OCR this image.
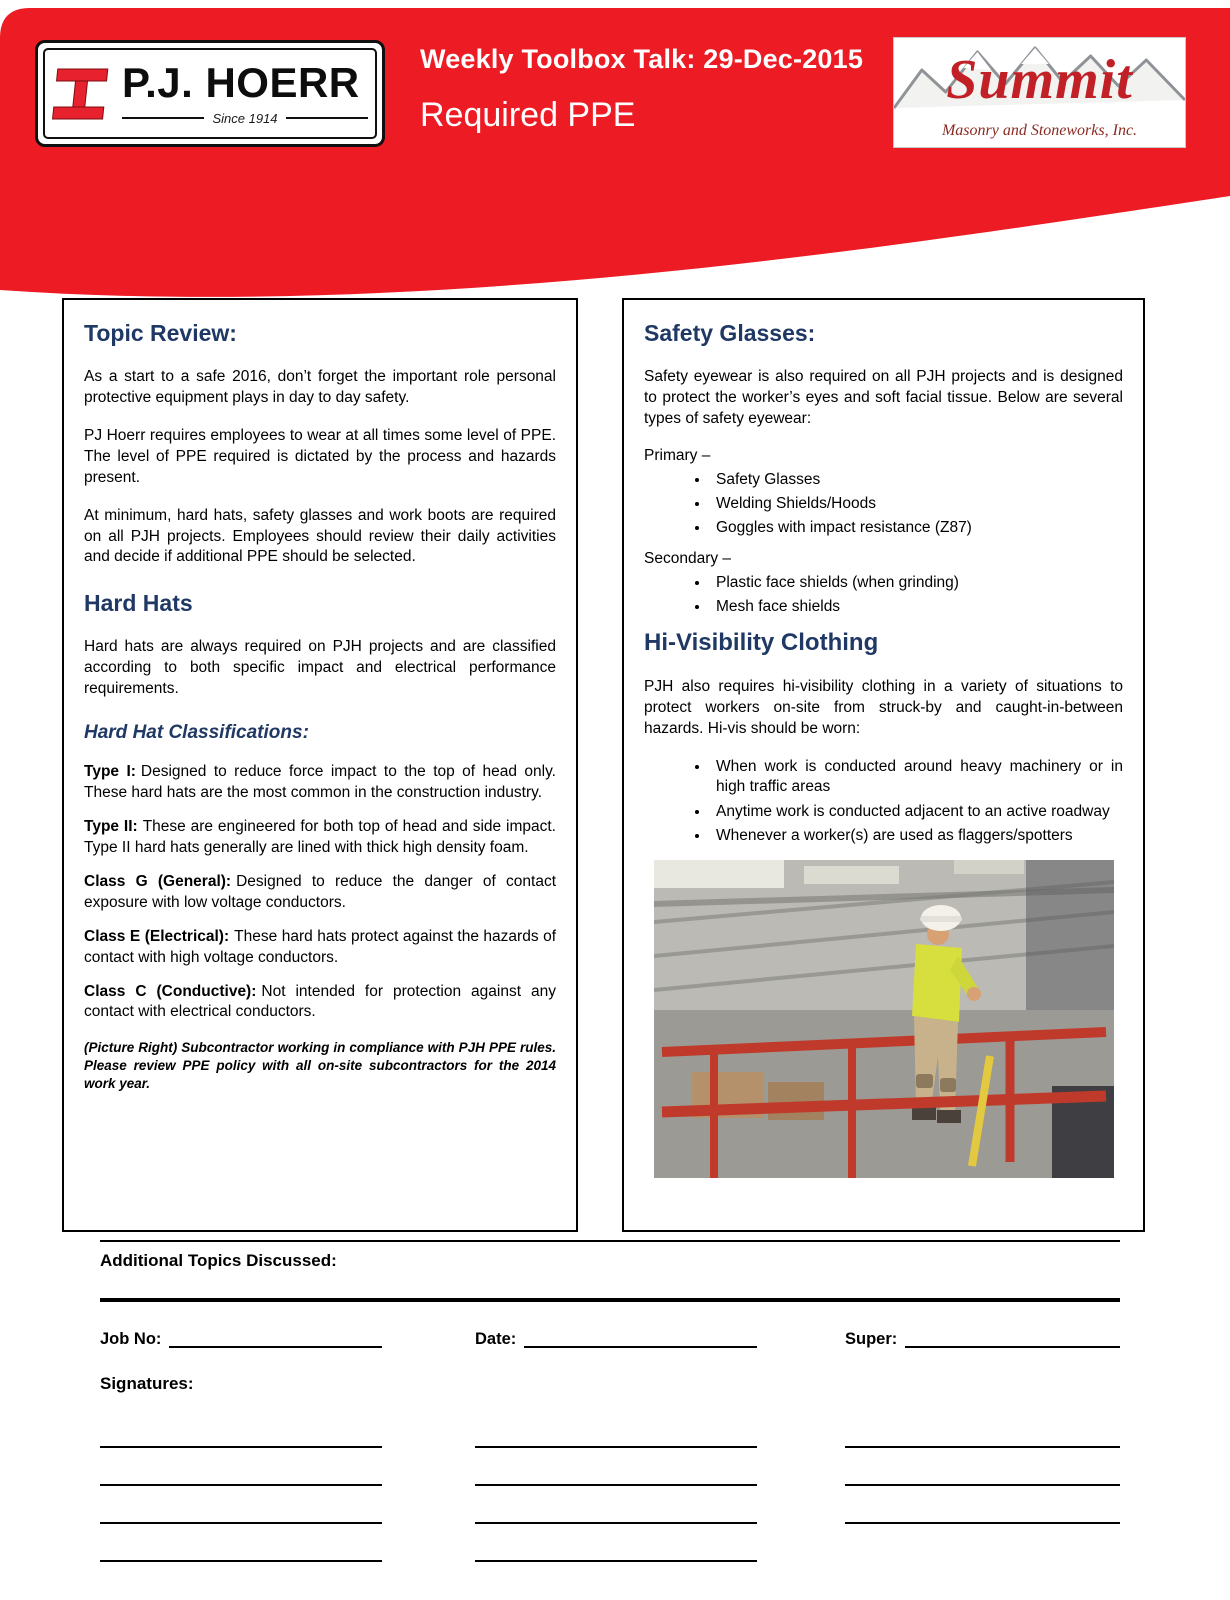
P.J. HOERR
Since 1914
Weekly Toolbox Talk: 29-Dec-2015
Required PPE
Summit
Masonry and Stoneworks, Inc.
Topic Review:

As a start to a safe 2016, don’t forget the important role personal protective equipment plays in day to day safety.

PJ Hoerr requires employees to wear at all times some level of PPE. The level of PPE required is dictated by the process and hazards present.

At minimum, hard hats, safety glasses and work boots are required on all PJH projects. Employees should review their daily activities and decide if additional PPE should be selected.

Hard Hats

Hard hats are always required on PJH projects and are classified according to both specific impact and electrical performance requirements.

Hard Hat Classifications:

Type I: Designed to reduce force impact to the top of head only. These hard hats are the most common in the construction industry.

Type II: These are engineered for both top of head and side impact. Type II hard hats generally are lined with thick high density foam.

Class G (General): Designed to reduce the danger of contact exposure with low voltage conductors.

Class E (Electrical): These hard hats protect against the hazards of contact with high voltage conductors.

Class C (Conductive): Not intended for protection against any contact with electrical conductors.

(Picture Right) Subcontractor working in compliance with PJH PPE rules. Please review PPE policy with all on-site subcontractors for the 2014 work year.

Safety Glasses:

Safety eyewear is also required on all PJH projects and is designed to protect the worker’s eyes and soft facial tissue. Below are several types of safety eyewear:

Primary –
• Safety Glasses
• Welding Shields/Hoods
• Goggles with impact resistance (Z87)
Secondary –
• Plastic face shields (when grinding)
• Mesh face shields
Hi-Visibility Clothing

PJH also requires hi-visibility clothing in a variety of situations to protect workers on-site from struck-by and caught-in-between hazards. Hi-vis should be worn:

• When work is conducted around heavy machinery or in high traffic areas
• Anytime work is conducted adjacent to an active roadway
• Whenever a worker(s) are used as flaggers/spotters
Additional Topics Discussed:
Job No:	Date:	Super:
Signatures:
